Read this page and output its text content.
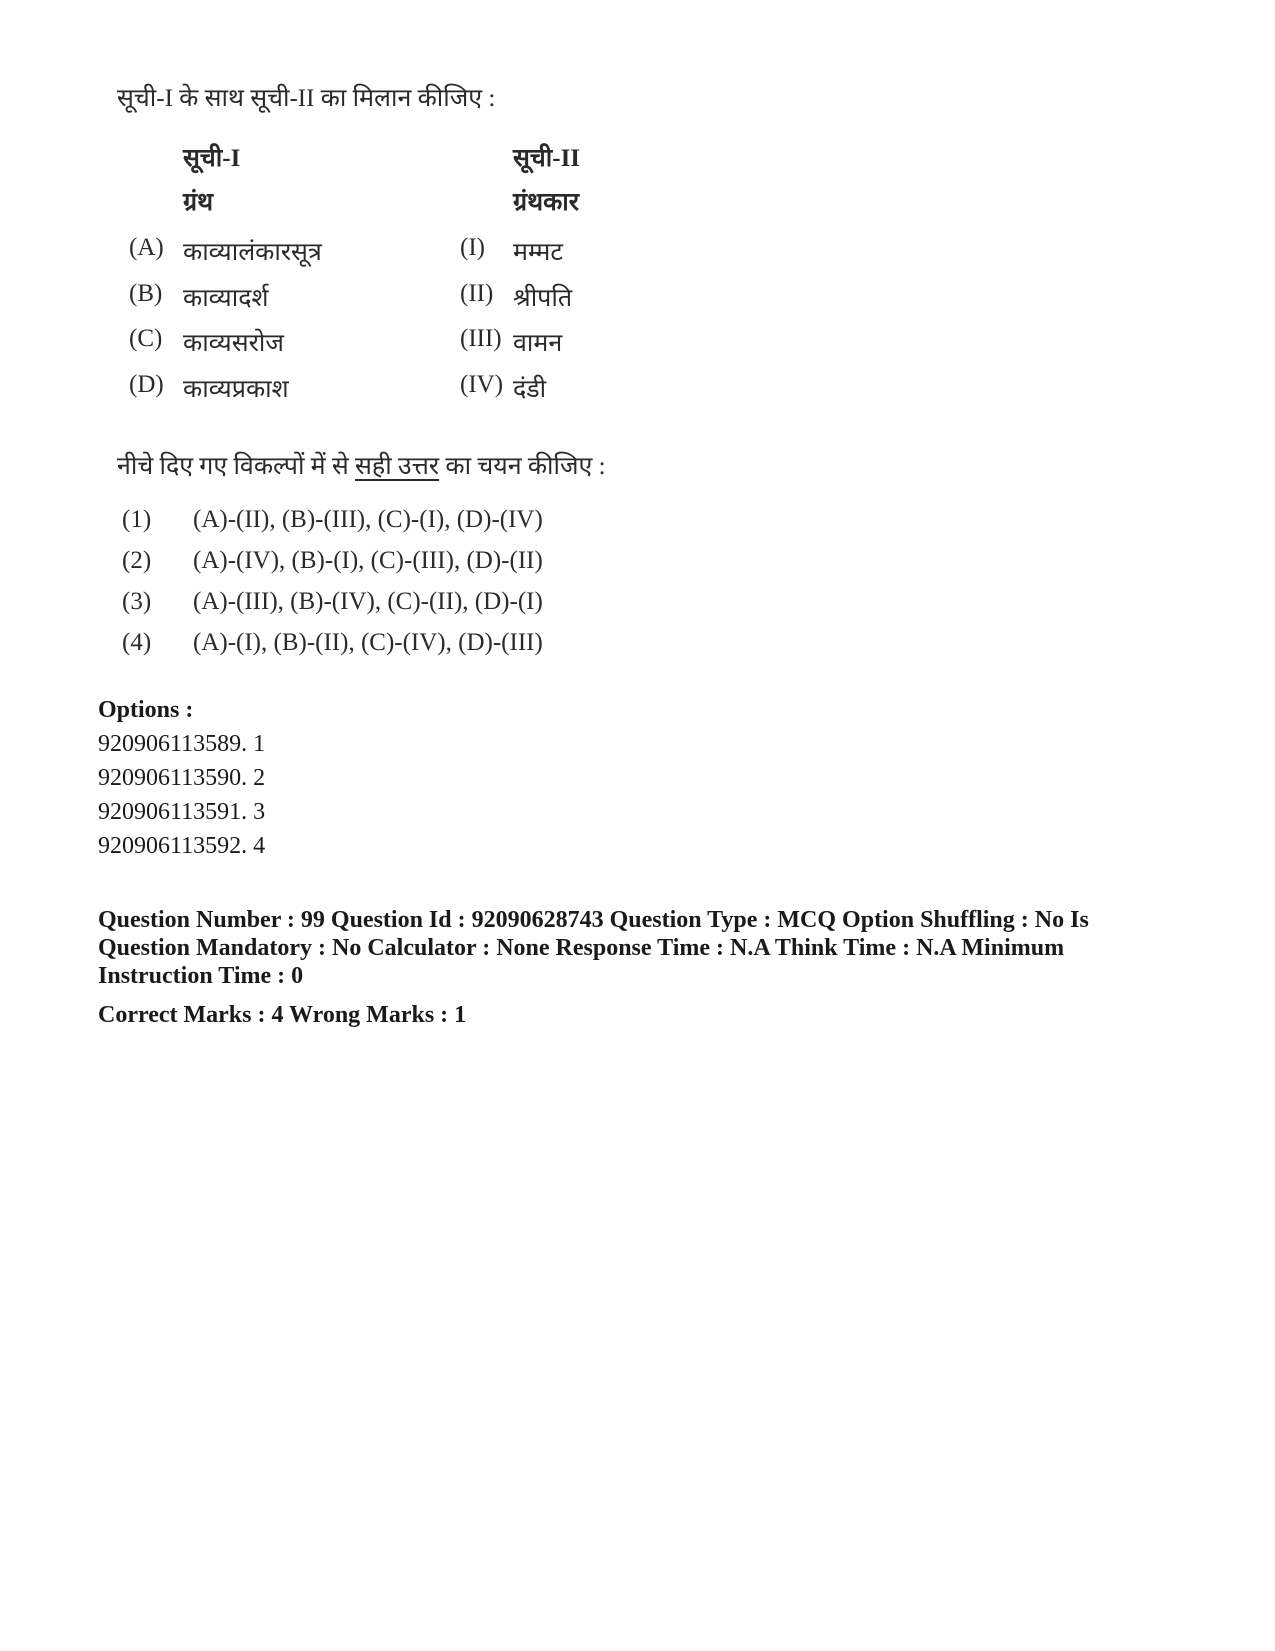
सूची-I के साथ सूची-II का मिलान कीजिए :
सूची-I
ग्रंथ
सूची-II
ग्रंथकार
(A) काव्यालंकारसूत्र	(I) मम्मट
(B) काव्यादर्श	(II) श्रीपति
(C) काव्यसरोज	(III) वामन
(D) काव्यप्रकाश	(IV) दंडी
नीचे दिए गए विकल्पों में से सही उत्तर का चयन कीजिए :
(1) (A)-(II), (B)-(III), (C)-(I), (D)-(IV)
(2) (A)-(IV), (B)-(I), (C)-(III), (D)-(II)
(3) (A)-(III), (B)-(IV), (C)-(II), (D)-(I)
(4) (A)-(I), (B)-(II), (C)-(IV), (D)-(III)
Options :
920906113589. 1
920906113590. 2
920906113591. 3
920906113592. 4
Question Number : 99 Question Id : 92090628743 Question Type : MCQ Option Shuffling : No Is Question Mandatory : No Calculator : None Response Time : N.A Think Time : N.A Minimum Instruction Time : 0
Correct Marks : 4 Wrong Marks : 1
